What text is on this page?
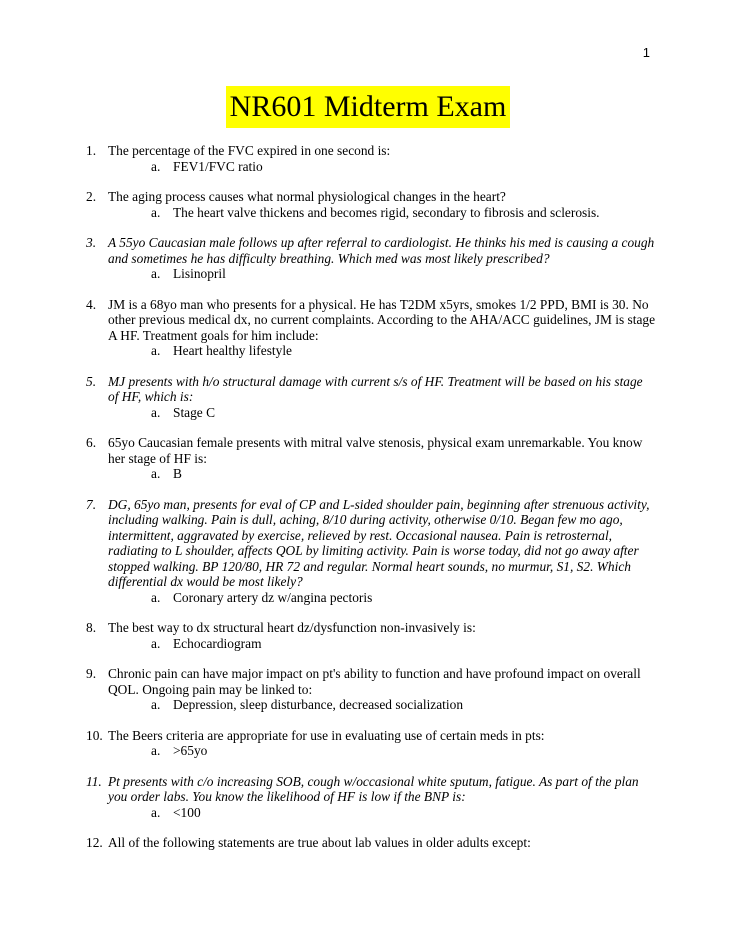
1
NR601 Midterm Exam
1. The percentage of the FVC expired in one second is:
a. FEV1/FVC ratio
2. The aging process causes what normal physiological changes in the heart?
a. The heart valve thickens and becomes rigid, secondary to fibrosis and sclerosis.
3. A 55yo Caucasian male follows up after referral to cardiologist. He thinks his med is causing a cough and sometimes he has difficulty breathing. Which med was most likely prescribed?
a. Lisinopril
4. JM is a 68yo man who presents for a physical. He has T2DM x5yrs, smokes 1/2 PPD, BMI is 30. No other previous medical dx, no current complaints. According to the AHA/ACC guidelines, JM is stage A HF. Treatment goals for him include:
a. Heart healthy lifestyle
5. MJ presents with h/o structural damage with current s/s of HF. Treatment will be based on his stage of HF, which is:
a. Stage C
6. 65yo Caucasian female presents with mitral valve stenosis, physical exam unremarkable. You know her stage of HF is:
a. B
7. DG, 65yo man, presents for eval of CP and L-sided shoulder pain, beginning after strenuous activity, including walking. Pain is dull, aching, 8/10 during activity, otherwise 0/10. Began few mo ago, intermittent, aggravated by exercise, relieved by rest. Occasional nausea. Pain is retrosternal, radiating to L shoulder, affects QOL by limiting activity. Pain is worse today, did not go away after stopped walking. BP 120/80, HR 72 and regular. Normal heart sounds, no murmur, S1, S2. Which differential dx would be most likely?
a. Coronary artery dz w/angina pectoris
8. The best way to dx structural heart dz/dysfunction non-invasively is:
a. Echocardiogram
9. Chronic pain can have major impact on pt's ability to function and have profound impact on overall QOL. Ongoing pain may be linked to:
a. Depression, sleep disturbance, decreased socialization
10. The Beers criteria are appropriate for use in evaluating use of certain meds in pts:
a. >65yo
11. Pt presents with c/o increasing SOB, cough w/occasional white sputum, fatigue. As part of the plan you order labs. You know the likelihood of HF is low if the BNP is:
a. <100
12. All of the following statements are true about lab values in older adults except:
